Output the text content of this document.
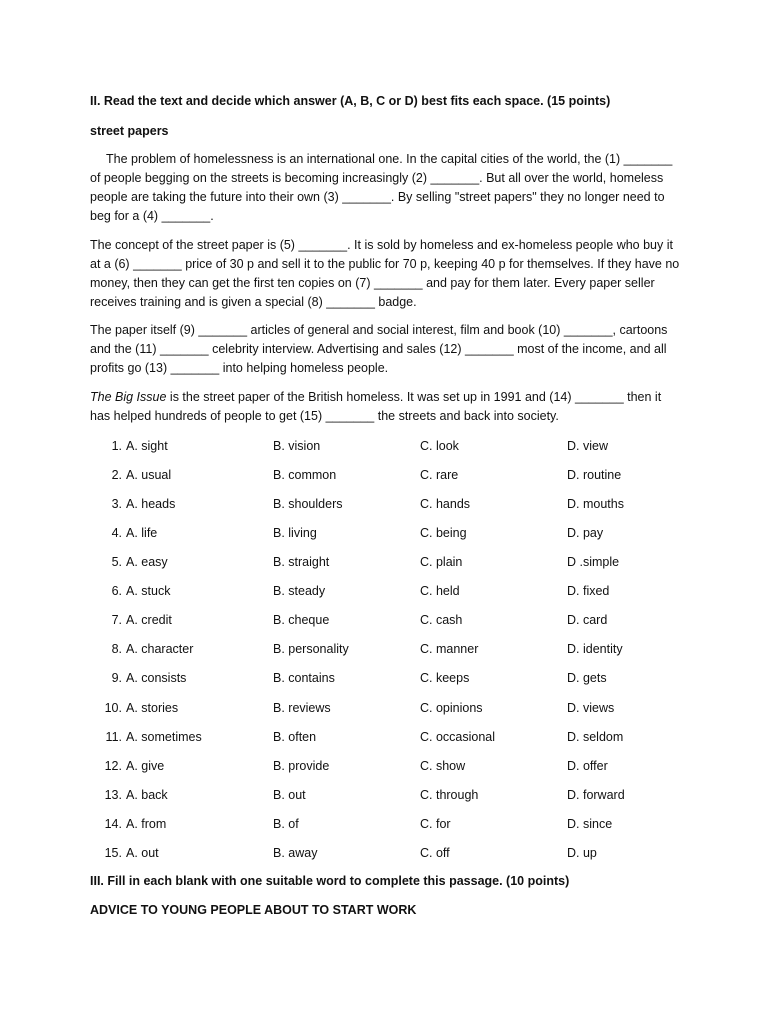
II. Read the text and decide which answer (A, B, C or D) best fits each space. (15 points)
street papers
The problem of homelessness is an international one. In the capital cities of the world, the (1) _______ of people begging on the streets is becoming increasingly (2) _______. But all over the world, homeless people are taking the future into their own (3) _______. By selling "street papers" they no longer need to beg for a (4) _______.
The concept of the street paper is (5) _______. It is sold by homeless and ex-homeless people who buy it at a (6) _______ price of 30 p and sell it to the public for 70 p, keeping 40 p for themselves. If they have no money, then they can get the first ten copies on (7) _______ and pay for them later. Every paper seller receives training and is given a special (8) _______ badge.
The paper itself (9) _______ articles of general and social interest, film and book (10) _______, cartoons and the (11) _______ celebrity interview. Advertising and sales (12) _______ most of the income, and all profits go (13) _______ into helping homeless people.
The Big Issue is the street paper of the British homeless. It was set up in 1991 and (14) _______ then it has helped hundreds of people to get (15) _______ the streets and back into society.
1. A. sight	B. vision	C. look	D. view
2. A. usual	B. common	C. rare	D. routine
3. A. heads	B. shoulders	C. hands	D. mouths
4. A. life	B. living	C. being	D. pay
5. A. easy	B. straight	C. plain	D .simple
6. A. stuck	B. steady	C. held	D. fixed
7. A. credit	B. cheque	C. cash	D. card
8. A. character	B. personality	C. manner	D. identity
9. A. consists	B. contains	C. keeps	D. gets
10. A. stories	B. reviews	C. opinions	D. views
11. A. sometimes	B. often	C. occasional	D. seldom
12. A. give	B. provide	C. show	D. offer
13. A. back	B. out	C. through	D. forward
14. A. from	B. of	C. for	D. since
15. A. out	B. away	C. off	D. up
III. Fill in each blank with one suitable word to complete this passage. (10 points)
ADVICE TO YOUNG PEOPLE ABOUT TO START WORK
